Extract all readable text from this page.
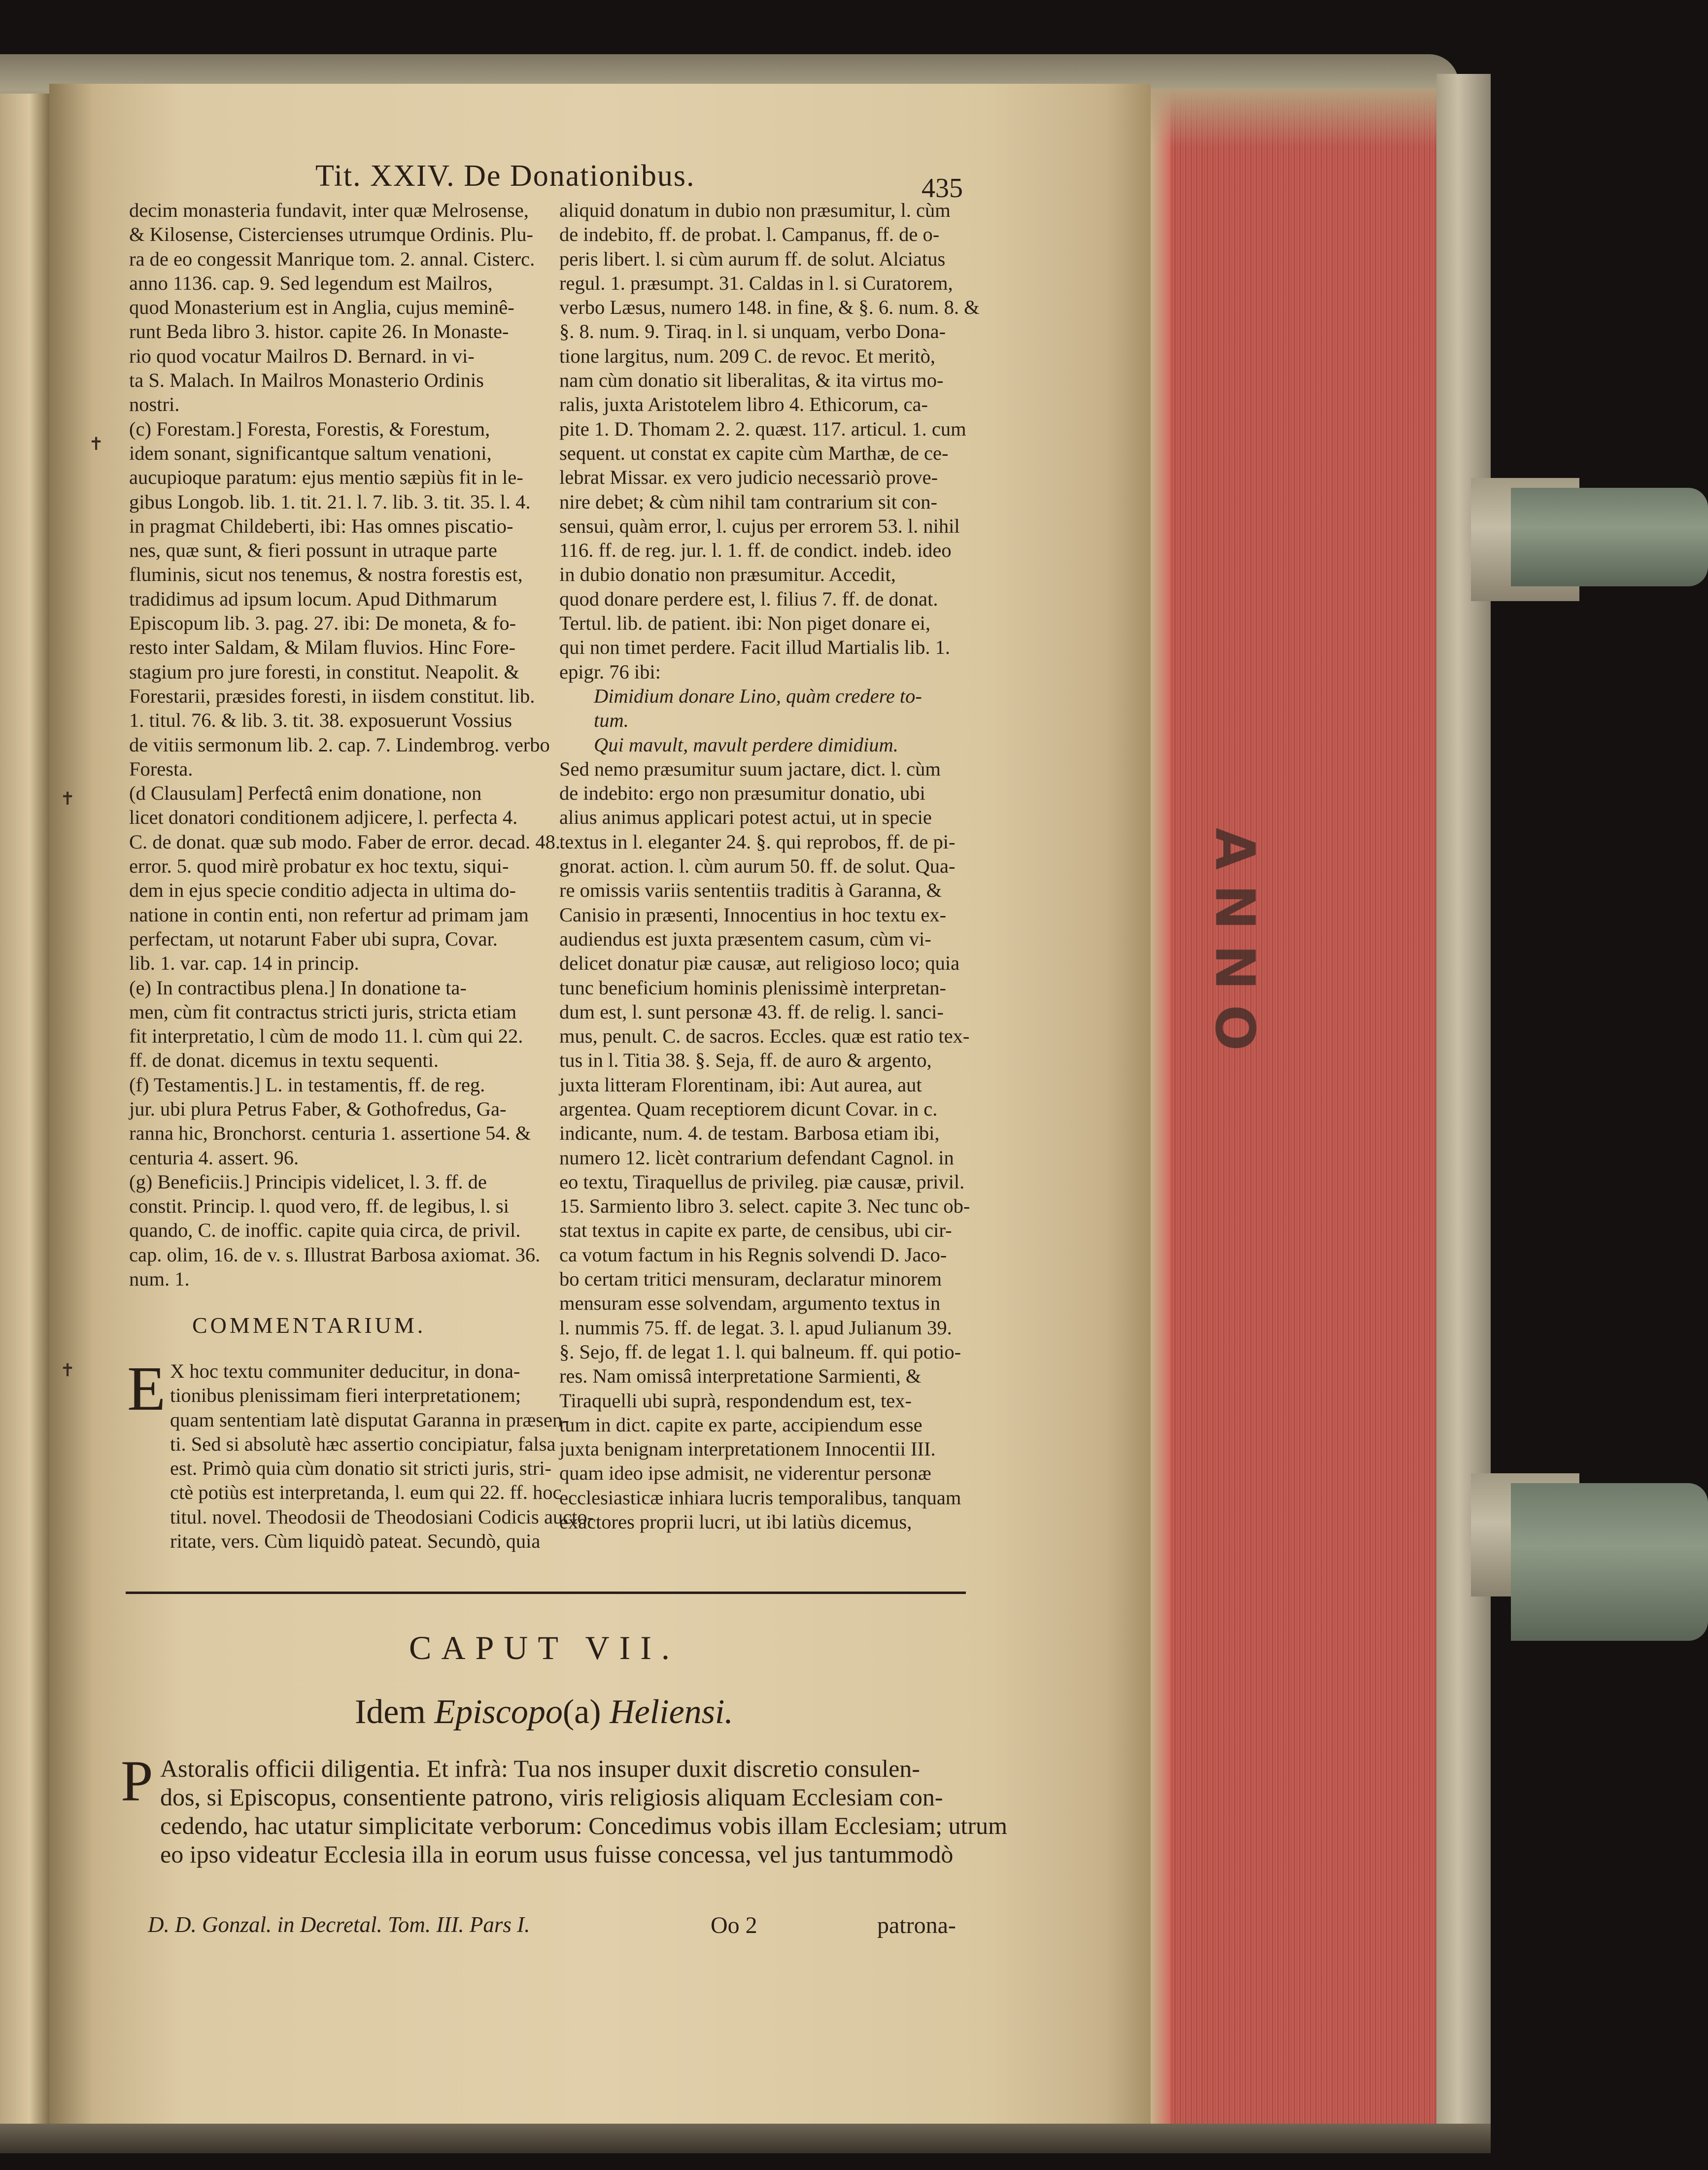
ANNO
Tit. XXIV. De Donationibus.	435

decim monasteria fundavit, inter quæ Melrosense,

& Kilosense, Cistercienses utrumque Ordinis. Plu-

ra de eo congessit Manrique tom. 2. annal. Cisterc.

anno 1136. cap. 9. Sed legendum est Mailros,

quod Monasterium est in Anglia, cujus meminê-

runt Beda libro 3. histor. capite 26. In Monaste-

rio quod vocatur Mailros D. Bernard. in vi-

ta S. Malach. In Mailros Monasterio Ordinis

nostri.

(c) Forestam.] Foresta, Forestis, & Forestum,

idem sonant, significantque saltum venationi,

aucupioque paratum: ejus mentio sæpiùs fit in le-

gibus Longob. lib. 1. tit. 21. l. 7. lib. 3. tit. 35. l. 4.

in pragmat Childeberti, ibi: Has omnes piscatio-

nes, quæ sunt, & fieri possunt in utraque parte

fluminis, sicut nos tenemus, & nostra forestis est,

tradidimus ad ipsum locum. Apud Dithmarum

Episcopum lib. 3. pag. 27. ibi: De moneta, & fo-

resto inter Saldam, & Milam fluvios. Hinc Fore-

stagium pro jure foresti, in constitut. Neapolit. &

Forestarii, præsides foresti, in iisdem constitut. lib.

1. titul. 76. & lib. 3. tit. 38. exposuerunt Vossius

de vitiis sermonum lib. 2. cap. 7. Lindembrog. verbo

Foresta.

(d Clausulam] Perfectâ enim donatione, non

licet donatori conditionem adjicere, l. perfecta 4.

C. de donat. quæ sub modo. Faber de error. decad. 48.

error. 5. quod mirè probatur ex hoc textu, siqui-

dem in ejus specie conditio adjecta in ultima do-

natione in contin enti, non refertur ad primam jam

perfectam, ut notarunt Faber ubi supra, Covar.

lib. 1. var. cap. 14 in princip.

(e) In contractibus plena.] In donatione ta-

men, cùm fit contractus stricti juris, stricta etiam

fit interpretatio, l cùm de modo 11. l. cùm qui 22.

ff. de donat. dicemus in textu sequenti.

(f) Testamentis.] L. in testamentis, ff. de reg.

jur. ubi plura Petrus Faber, & Gothofredus, Ga-

ranna hic, Bronchorst. centuria 1. assertione 54. &

centuria 4. assert. 96.

(g) Beneficiis.] Principis videlicet, l. 3. ff. de

constit. Princip. l. quod vero, ff. de legibus, l. si

quando, C. de inoffic. capite quia circa, de privil.

cap. olim, 16. de v. s. Illustrat Barbosa axiomat. 36.

num. 1.

aliquid donatum in dubio non præsumitur, l. cùm

de indebito, ff. de probat. l. Campanus, ff. de o-

peris libert. l. si cùm aurum ff. de solut. Alciatus

regul. 1. præsumpt. 31. Caldas in l. si Curatorem,

verbo Læsus, numero 148. in fine, & §. 6. num. 8. &

§. 8. num. 9. Tiraq. in l. si unquam, verbo Dona-

tione largitus, num. 209 C. de revoc. Et meritò,

nam cùm donatio sit liberalitas, & ita virtus mo-

ralis, juxta Aristotelem libro 4. Ethicorum, ca-

pite 1. D. Thomam 2. 2. quæst. 117. articul. 1. cum

sequent. ut constat ex capite cùm Marthæ, de ce-

lebrat Missar. ex vero judicio necessariò prove-

nire debet; & cùm nihil tam contrarium sit con-

sensui, quàm error, l. cujus per errorem 53. l. nihil

116. ff. de reg. jur. l. 1. ff. de condict. indeb. ideo

in dubio donatio non præsumitur. Accedit,

quod donare perdere est, l. filius 7. ff. de donat.

Tertul. lib. de patient. ibi: Non piget donare ei,

qui non timet perdere. Facit illud Martialis lib. 1.

epigr. 76 ibi:

Dimidium donare Lino, quàm credere to-

tum.

Qui mavult, mavult perdere dimidium.

Sed nemo præsumitur suum jactare, dict. l. cùm

de indebito: ergo non præsumitur donatio, ubi

alius animus applicari potest actui, ut in specie

textus in l. eleganter 24. §. qui reprobos, ff. de pi-

gnorat. action. l. cùm aurum 50. ff. de solut. Qua-

re omissis variis sententiis traditis à Garanna, &

Canisio in præsenti, Innocentius in hoc textu ex-

audiendus est juxta præsentem casum, cùm vi-

delicet donatur piæ causæ, aut religioso loco; quia

tunc beneficium hominis plenissimè interpretan-

dum est, l. sunt personæ 43. ff. de relig. l. sanci-

mus, penult. C. de sacros. Eccles. quæ est ratio tex-

tus in l. Titia 38. §. Seja, ff. de auro & argento,

juxta litteram Florentinam, ibi: Aut aurea, aut

argentea. Quam receptiorem dicunt Covar. in c.

indicante, num. 4. de testam. Barbosa etiam ibi,

numero 12. licèt contrarium defendant Cagnol. in

eo textu, Tiraquellus de privileg. piæ causæ, privil.

15. Sarmiento libro 3. select. capite 3. Nec tunc ob-

stat textus in capite ex parte, de censibus, ubi cir-

ca votum factum in his Regnis solvendi D. Jaco-

bo certam tritici mensuram, declaratur minorem

mensuram esse solvendam, argumento textus in

l. nummis 75. ff. de legat. 3. l. apud Julianum 39.

§. Sejo, ff. de legat 1. l. qui balneum. ff. qui potio-

res. Nam omissâ interpretatione Sarmienti, &

Tiraquelli ubi suprà, respondendum est, tex-

tum in dict. capite ex parte, accipiendum esse

juxta benignam interpretationem Innocentii III.

quam ideo ipse admisit, ne viderentur personæ

ecclesiasticæ inhiara lucris temporalibus, tanquam

exactores proprii lucri, ut ibi latiùs dicemus,

COMMENTARIUM.
E X hoc textu communiter deducitur, in dona-

tionibus plenissimam fieri interpretationem;

quam sententiam latè disputat Garanna in præsen-

ti. Sed si absolutè hæc assertio concipiatur, falsa

est. Primò quia cùm donatio sit stricti juris, stri-

ctè potiùs est interpretanda, l. eum qui 22. ff. hoc

titul. novel. Theodosii de Theodosiani Codicis aucto-

ritate, vers. Cùm liquidò pateat. Secundò, quia

CAPUT VII.
Idem Episcopo(a) Heliensi.
P Astoralis officii diligentia. Et infrà: Tua nos insuper duxit discretio consulen-

dos, si Episcopus, consentiente patrono, viris religiosis aliquam Ecclesiam con-

cedendo, hac utatur simplicitate verborum: Concedimus vobis illam Ecclesiam; utrum

eo ipso videatur Ecclesia illa in eorum usus fuisse concessa, vel jus tantummodò

D. D. Gonzal. in Decretal. Tom. III. Pars I.	Oo 2	patrona-
✝
✝
✝
